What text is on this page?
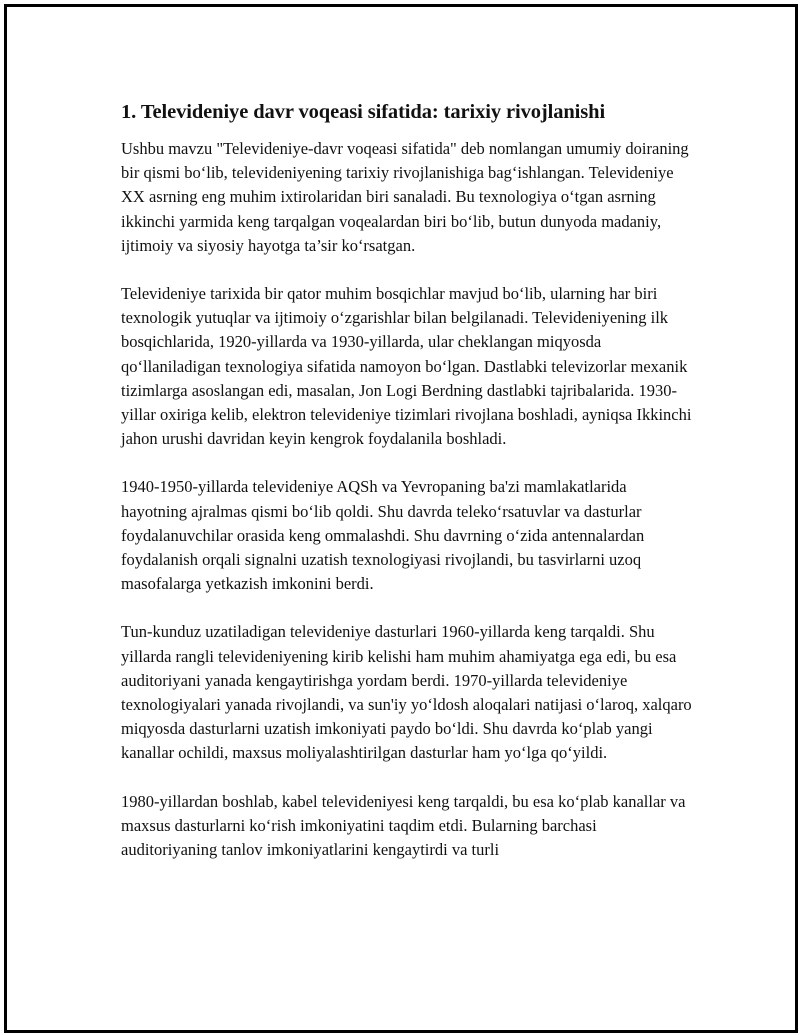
1. Televideniye davr voqeasi sifatida: tarixiy rivojlanishi

Ushbu mavzu "Televideniye-davr voqeasi sifatida" deb nomlangan umumiy doiraning bir qismi bo‘lib, televideniyening tarixiy rivojlanishiga bag‘ishlangan. Televideniye XX asrning eng muhim ixtirolaridan biri sanaladi. Bu texnologiya o‘tgan asrning ikkinchi yarmida keng tarqalgan voqealardan biri bo‘lib, butun dunyoda madaniy, ijtimoiy va siyosiy hayotga ta’sir ko‘rsatgan.

Televideniye tarixida bir qator muhim bosqichlar mavjud bo‘lib, ularning har biri texnologik yutuqlar va ijtimoiy o‘zgarishlar bilan belgilanadi. Televideniyening ilk bosqichlarida, 1920-yillarda va 1930-yillarda, ular cheklangan miqyosda qo‘llaniladigan texnologiya sifatida namoyon bo‘lgan. Dastlabki televizorlar mexanik tizimlarga asoslangan edi, masalan, Jon Logi Berdning dastlabki tajribalarida. 1930-yillar oxiriga kelib, elektron televideniye tizimlari rivojlana boshladi, ayniqsa Ikkinchi jahon urushi davridan keyin kengrok foydalanila boshladi.

1940-1950-yillarda televideniye AQSh va Yevropaning ba'zi mamlakatlarida hayotning ajralmas qismi bo‘lib qoldi. Shu davrda teleko‘rsatuvlar va dasturlar foydalanuvchilar orasida keng ommalashdi. Shu davrning o‘zida antennalardan foydalanish orqali signalni uzatish texnologiyasi rivojlandi, bu tasvirlarni uzoq masofalarga yetkazish imkonini berdi.

Tun-kunduz uzatiladigan televideniye dasturlari 1960-yillarda keng tarqaldi. Shu yillarda rangli televideniyening kirib kelishi ham muhim ahamiyatga ega edi, bu esa auditoriyani yanada kengaytirishga yordam berdi. 1970-yillarda televideniye texnologiyalari yanada rivojlandi, va sun'iy yo‘ldosh aloqalari natijasi o‘laroq, xalqaro miqyosda dasturlarni uzatish imkoniyati paydo bo‘ldi. Shu davrda ko‘plab yangi kanallar ochildi, maxsus moliyalashtirilgan dasturlar ham yo‘lga qo‘yildi.

1980-yillardan boshlab, kabel televideniyesi keng tarqaldi, bu esa ko‘plab kanallar va maxsus dasturlarni ko‘rish imkoniyatini taqdim etdi. Bularning barchasi auditoriyaning tanlov imkoniyatlarini kengaytirdi va turli
